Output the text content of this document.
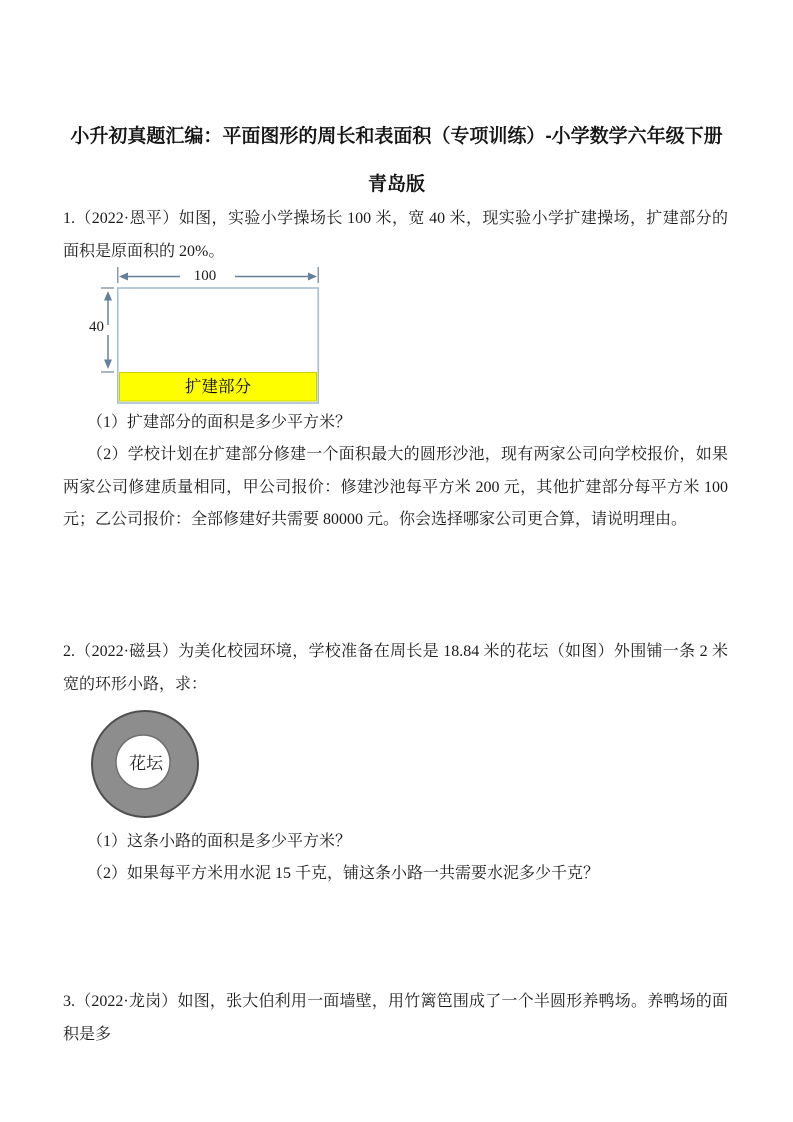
小升初真题汇编：平面图形的周长和表面积（专项训练）-小学数学六年级下册
青岛版
1.（2022·恩平）如图，实验小学操场长 100 米，宽 40 米，现实验小学扩建操场，扩建部分的面积是原面积的 20%。
100
40
扩建部分
（1）扩建部分的面积是多少平方米？
（2）学校计划在扩建部分修建一个面积最大的圆形沙池，现有两家公司向学校报价，如果两家公司修建质量相同，甲公司报价：修建沙池每平方米 200 元，其他扩建部分每平方米 100 元；乙公司报价：全部修建好共需要 80000 元。你会选择哪家公司更合算，请说明理由。
2.（2022·磁县）为美化校园环境，学校准备在周长是 18.84 米的花坛（如图）外围铺一条 2 米宽的环形小路，求：
花坛
（1）这条小路的面积是多少平方米？
（2）如果每平方米用水泥 15 千克，铺这条小路一共需要水泥多少千克？
3.（2022·龙岗）如图，张大伯利用一面墙壁，用竹篱笆围成了一个半圆形养鸭场。养鸭场的面积是多
